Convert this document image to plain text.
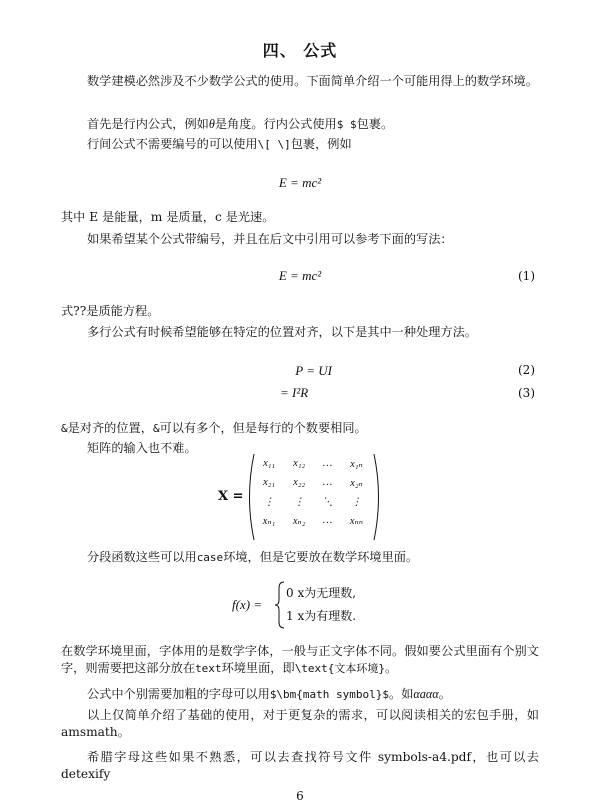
四、 公式
数学建模必然涉及不少数学公式的使用。下面简单介绍一个可能用得上的数学环境。
首先是行内公式，例如θ是角度。行内公式使用$ $包裹。
行间公式不需要编号的可以使用\[ \]包裹，例如
E = mc²
其中 E 是能量，m 是质量，c 是光速。
如果希望某个公式带编号，并且在后文中引用可以参考下面的写法：
E = mc²	(1)
式??是质能方程。
多行公式有时候希望能够在特定的位置对齐，以下是其中一种处理方法。
P = UI	(2)
= I²R	(3)
&是对齐的位置，&可以有多个，但是每行的个数要相同。
矩阵的输入也不难。
X =
x₁₁	x₁₂	…	x₁ₙ
x₂₁	x₂₂	…	x₂ₙ
⋮	⋮	⋱	⋮
xₙ₁	xₙ₂	…	xₙₙ
分段函数这些可以用case环境，但是它要放在数学环境里面。
f(x) =
0 x为无理数,
1 x为有理数.
在数学环境里面，字体用的是数学字体，一般与正文字体不同。假如要公式里面有个别文字，则需要把这部分放在text环境里面，即\text{文本环境}。
公式中个别需要加粗的字母可以用$\bm{math symbol}$。如αaαα。
以上仅简单介绍了基础的使用，对于更复杂的需求，可以阅读相关的宏包手册，如amsmath。
希腊字母这些如果不熟悉，可以去查找符号文件 symbols-a4.pdf，也可以去 detexify
6
